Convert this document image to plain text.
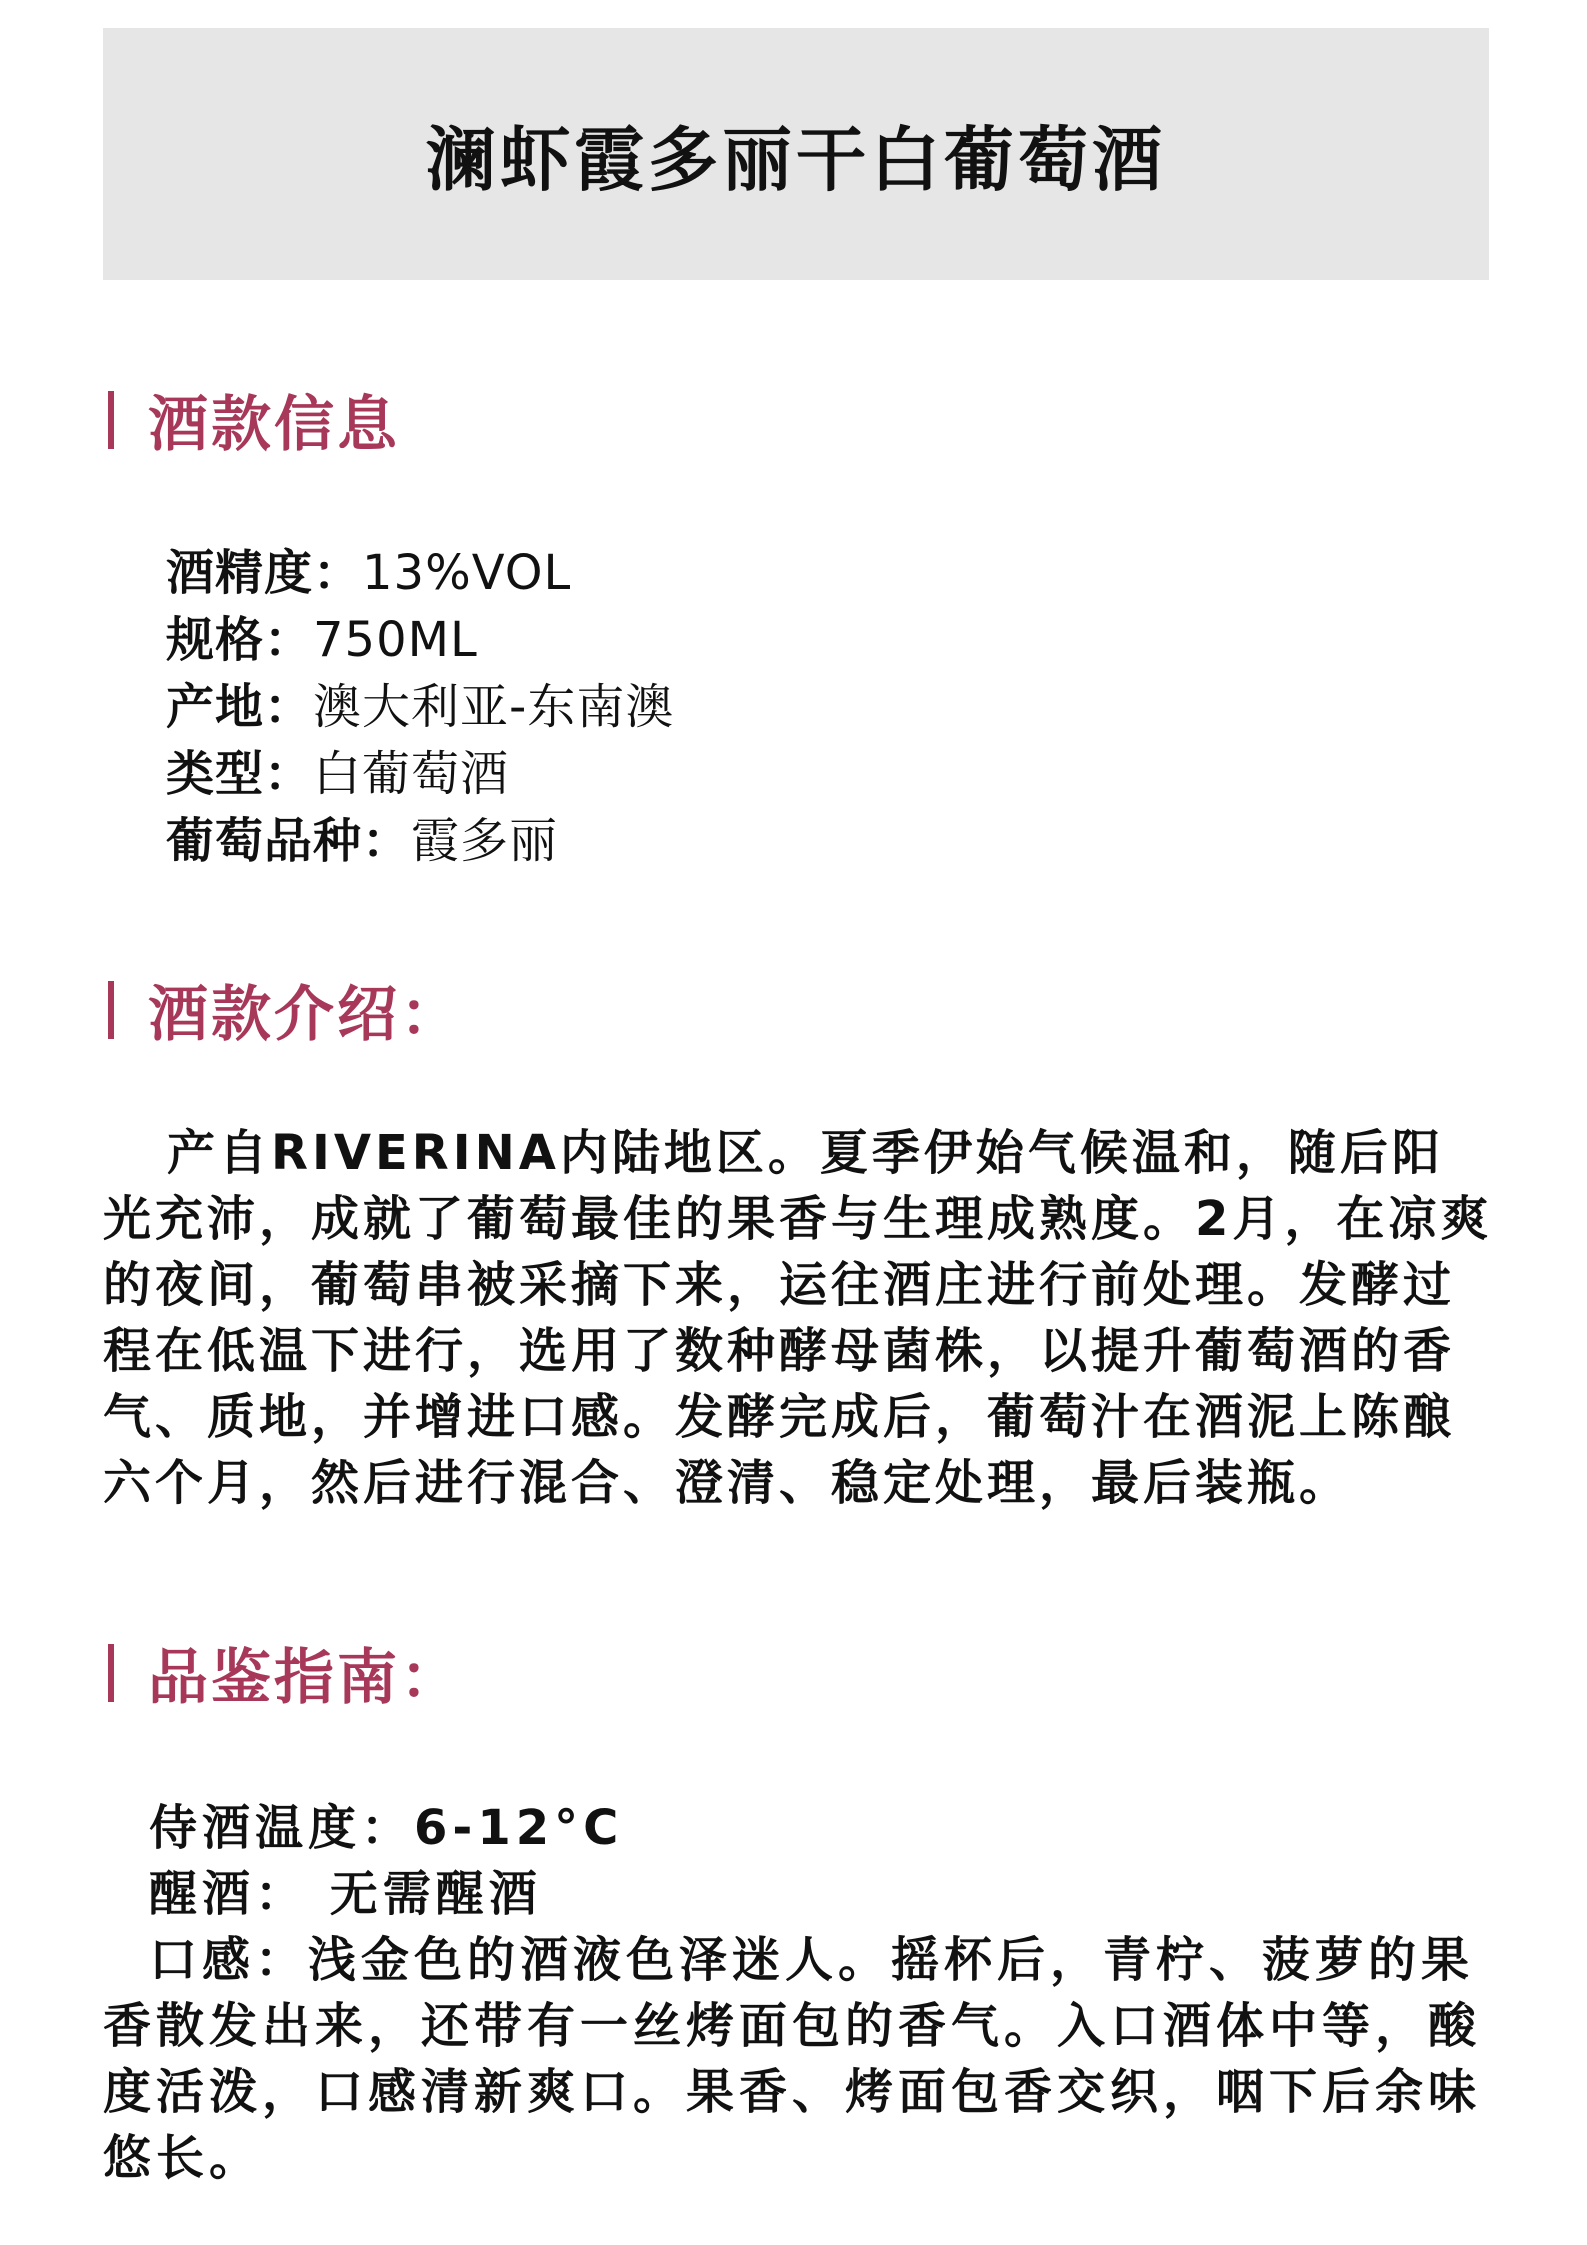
澜虾霞多丽干白葡萄酒
酒款信息
酒精度：13%VOL
规格：750ML
产地：澳大利亚-东南澳
类型：白葡萄酒
葡萄品种：霞多丽
酒款介绍：

产自RIVERINA内陆地区。夏季伊始气候温和，随后阳光充沛，成就了葡萄最佳的果香与生理成熟度。2月，在凉爽的夜间，葡萄串被采摘下来，运往酒庄进行前处理。发酵过程在低温下进行，选用了数种酵母菌株，以提升葡萄酒的香气、质地，并增进口感。发酵完成后，葡萄汁在酒泥上陈酿六个月，然后进行混合、澄清、稳定处理，最后装瓶。

品鉴指南：
侍酒温度：6-12°C
醒酒： 无需醒酒

口感：浅金色的酒液色泽迷人。摇杯后，青柠、菠萝的果香散发出来，还带有一丝烤面包的香气。入口酒体中等，酸度活泼，口感清新爽口。果香、烤面包香交织，咽下后余味悠长。
